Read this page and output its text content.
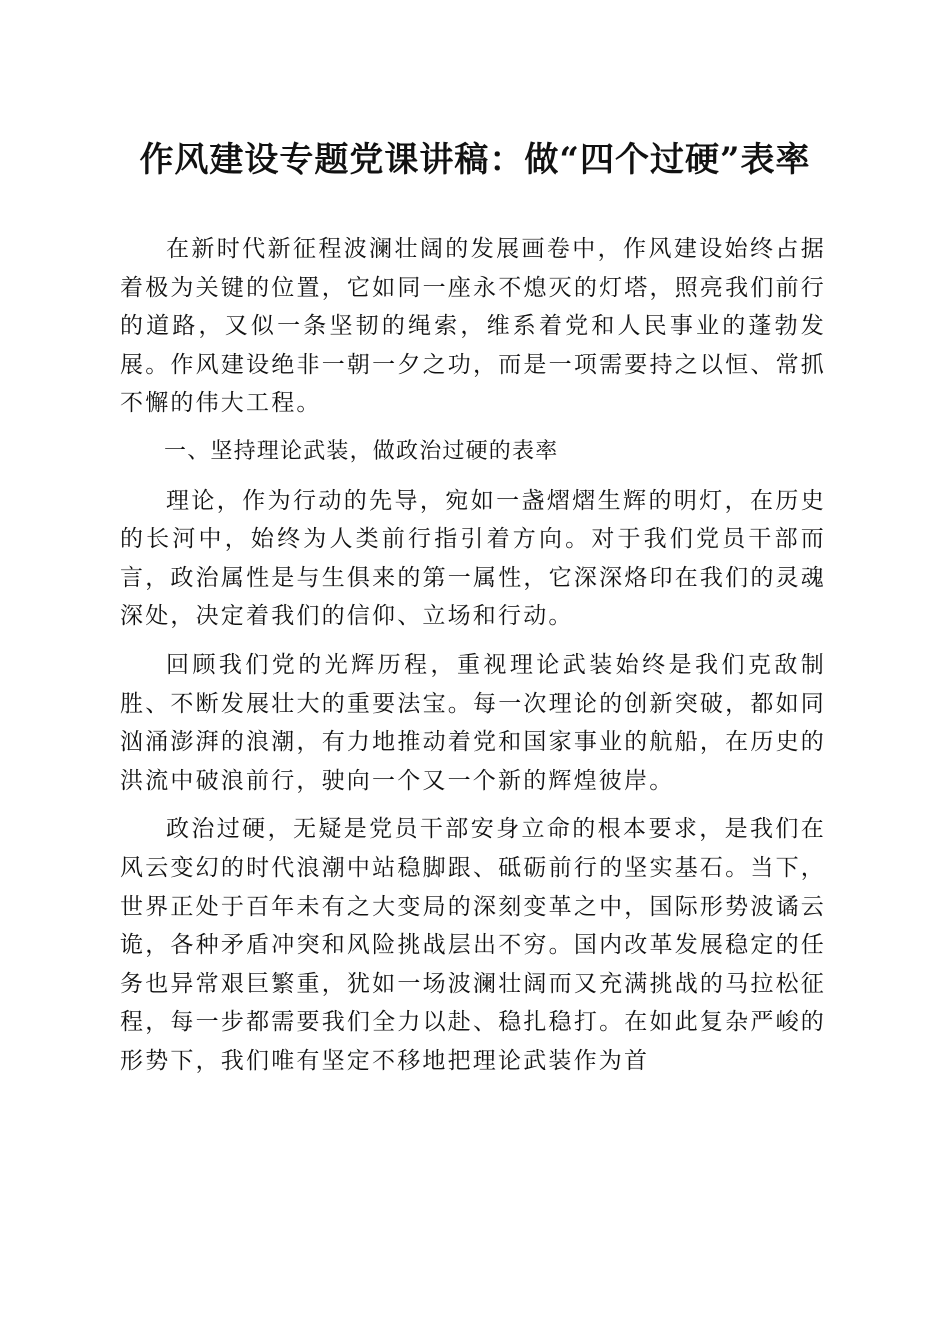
作风建设专题党课讲稿：做“四个过硬”表率

在新时代新征程波澜壮阔的发展画卷中，作风建设始终占据着极为关键的位置，它如同一座永不熄灭的灯塔，照亮我们前行的道路，又似一条坚韧的绳索，维系着党和人民事业的蓬勃发展。作风建设绝非一朝一夕之功，而是一项需要持之以恒、常抓不懈的伟大工程。

一、坚持理论武装，做政治过硬的表率

理论，作为行动的先导，宛如一盏熠熠生辉的明灯，在历史的长河中，始终为人类前行指引着方向。对于我们党员干部而言，政治属性是与生俱来的第一属性，它深深烙印在我们的灵魂深处，决定着我们的信仰、立场和行动。

回顾我们党的光辉历程，重视理论武装始终是我们克敌制胜、不断发展壮大的重要法宝。每一次理论的创新突破，都如同汹涌澎湃的浪潮，有力地推动着党和国家事业的航船，在历史的洪流中破浪前行，驶向一个又一个新的辉煌彼岸。

政治过硬，无疑是党员干部安身立命的根本要求，是我们在风云变幻的时代浪潮中站稳脚跟、砥砺前行的坚实基石。当下，世界正处于百年未有之大变局的深刻变革之中，国际形势波谲云诡，各种矛盾冲突和风险挑战层出不穷。国内改革发展稳定的任务也异常艰巨繁重，犹如一场波澜壮阔而又充满挑战的马拉松征程，每一步都需要我们全力以赴、稳扎稳打。在如此复杂严峻的形势下，我们唯有坚定不移地把理论武装作为首
